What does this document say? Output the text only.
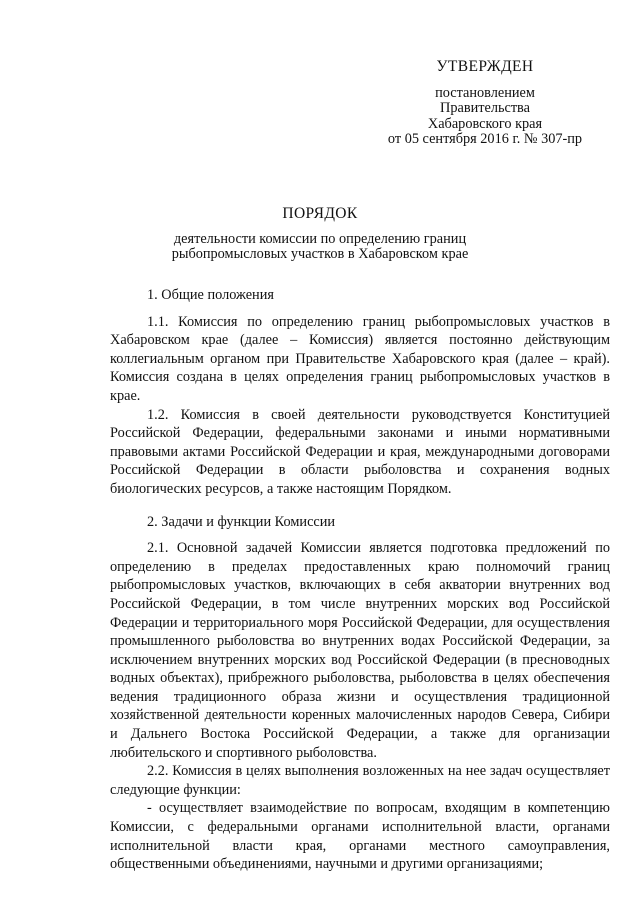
УТВЕРЖДЕН
постановлением
Правительства
Хабаровского края
от 05 сентября 2016 г. № 307-пр
ПОРЯДОК
деятельности комиссии по определению границ
рыбопромысловых участков в Хабаровском крае

1. Общие положения

1.1. Комиссия по определению границ рыбопромысловых участков в Хабаровском крае (далее – Комиссия) является постоянно действующим коллегиальным органом при Правительстве Хабаровского края (далее – край). Комиссия создана в целях определения границ рыбопромысловых участков в крае.

1.2. Комиссия в своей деятельности руководствуется Конституцией Российской Федерации, федеральными законами и иными нормативными правовыми актами Российской Федерации и края, международными договорами Российской Федерации в области рыболовства и сохранения водных биологических ресурсов, а также настоящим Порядком.

2. Задачи и функции Комиссии

2.1. Основной задачей Комиссии является подготовка предложений по определению в пределах предоставленных краю полномочий границ рыбопромысловых участков, включающих в себя акватории внутренних вод Российской Федерации, в том числе внутренних морских вод Российской Федерации и территориального моря Российской Федерации, для осуществления промышленного рыболовства во внутренних водах Российской Федерации, за исключением внутренних морских вод Российской Федерации (в пресноводных водных объектах), прибрежного рыболовства, рыболовства в целях обеспечения ведения традиционного образа жизни и осуществления традиционной хозяйственной деятельности коренных малочисленных народов Севера, Сибири и Дальнего Востока Российской Федерации, а также для организации любительского и спортивного рыболовства.

2.2. Комиссия в целях выполнения возложенных на нее задач осуществляет следующие функции:

- осуществляет взаимодействие по вопросам, входящим в компетенцию Комиссии, с федеральными органами исполнительной власти, органами исполнительной власти края, органами местного самоуправления, общественными объединениями, научными и другими организациями;
